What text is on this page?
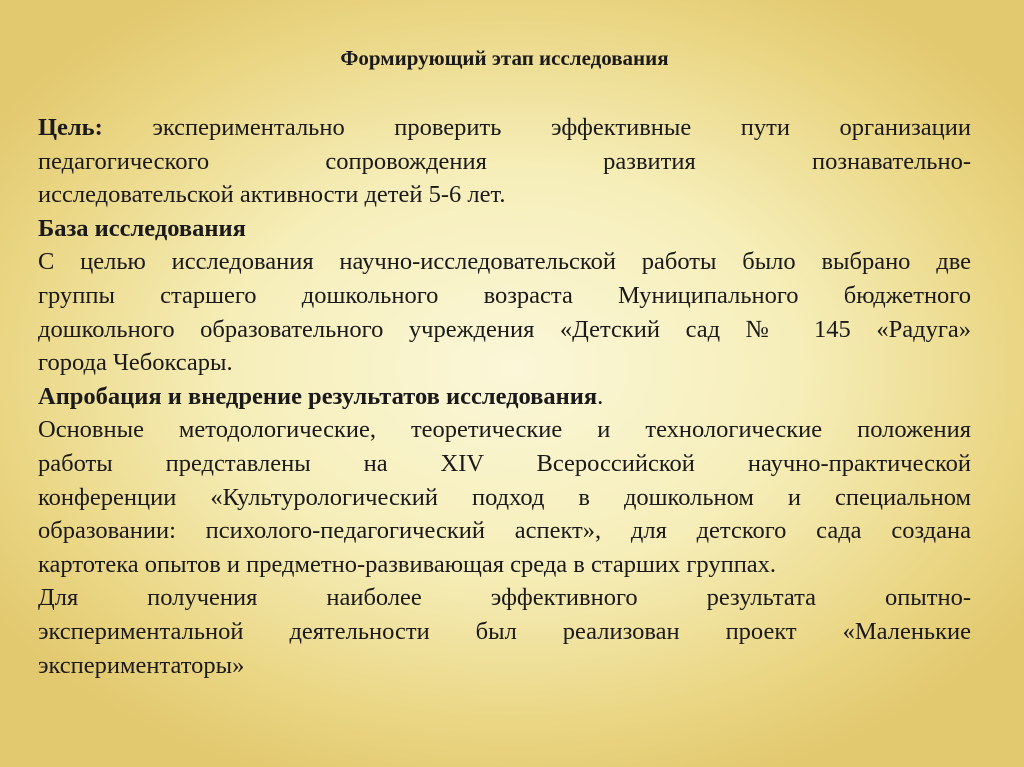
Формирующий этап исследования
Цель: экспериментально проверить эффективные пути организации
педагогического сопровождения развития познавательно-
исследовательской активности детей 5-6 лет.
База исследования
С целью исследования научно-исследовательской работы было выбрано две
группы старшего дошкольного возраста Муниципального бюджетного
дошкольного образовательного учреждения «Детский сад № 145 «Радуга»
города Чебоксары.
Апробация и внедрение результатов исследования.
Основные методологические, теоретические и технологические положения
работы представлены на XIV Всероссийской научно-практической
конференции «Культурологический подход в дошкольном и специальном
образовании: психолого-педагогический аспект», для детского сада создана
картотека опытов и предметно-развивающая среда в старших группах.
Для получения наиболее эффективного результата опытно-
экспериментальной деятельности был реализован проект «Маленькие
экспериментаторы»
